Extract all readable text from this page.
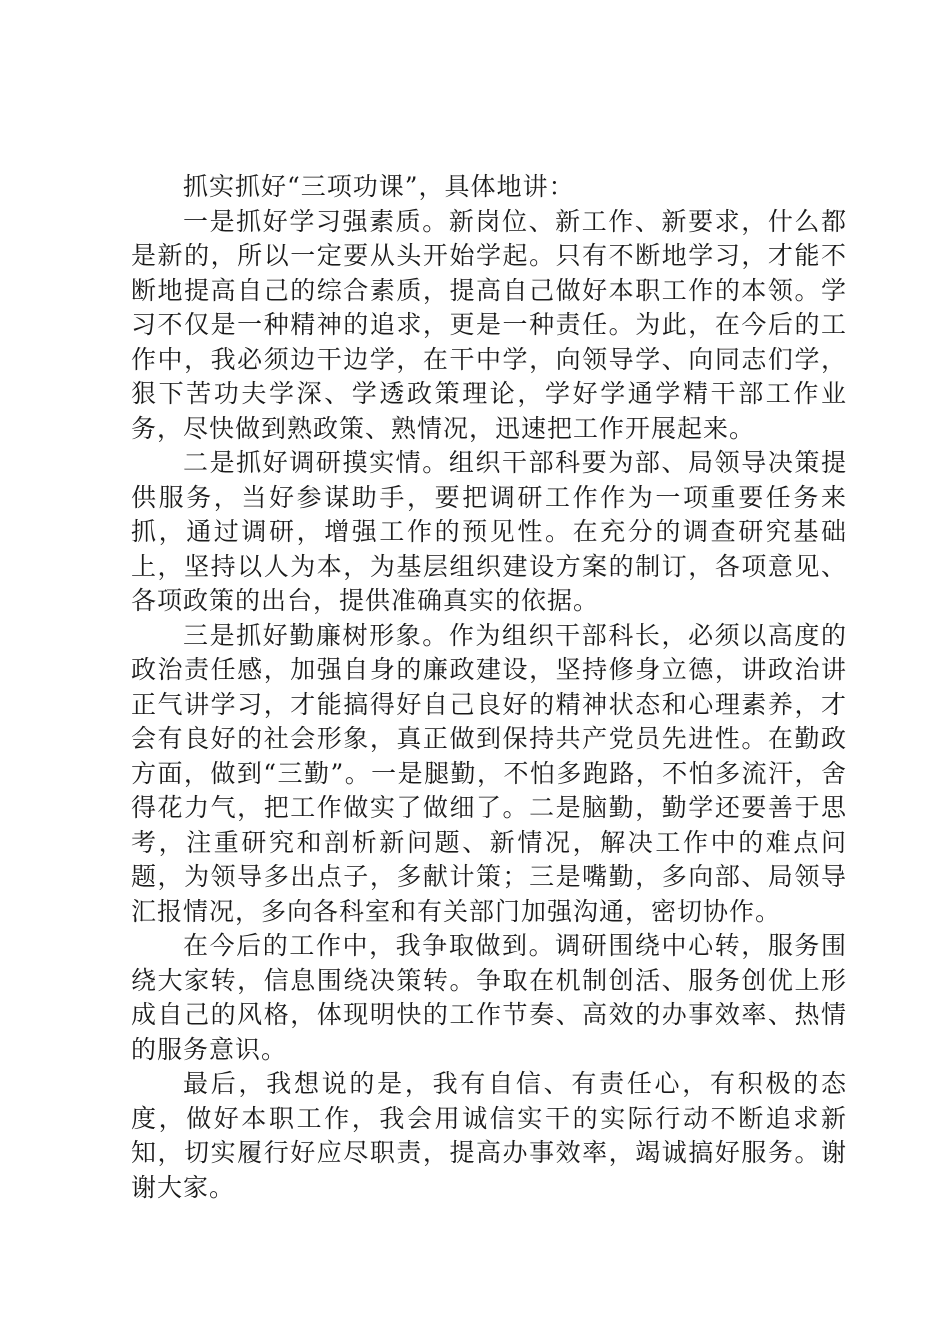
抓实抓好“三项功课”，具体地讲：

一是抓好学习强素质。新岗位、新工作、新要求，什么都是新的，所以一定要从头开始学起。只有不断地学习，才能不断地提高自己的综合素质，提高自己做好本职工作的本领。学习不仅是一种精神的追求，更是一种责任。为此，在今后的工作中，我必须边干边学，在干中学，向领导学、向同志们学，狠下苦功夫学深、学透政策理论，学好学通学精干部工作业务，尽快做到熟政策、熟情况，迅速把工作开展起来。

二是抓好调研摸实情。组织干部科要为部、局领导决策提供服务，当好参谋助手，要把调研工作作为一项重要任务来抓，通过调研，增强工作的预见性。在充分的调查研究基础上，坚持以人为本，为基层组织建设方案的制订，各项意见、各项政策的出台，提供准确真实的依据。

三是抓好勤廉树形象。作为组织干部科长，必须以高度的政治责任感，加强自身的廉政建设，坚持修身立德，讲政治讲正气讲学习，才能搞得好自己良好的精神状态和心理素养，才会有良好的社会形象，真正做到保持共产党员先进性。在勤政方面，做到“三勤”。一是腿勤，不怕多跑路，不怕多流汗，舍得花力气，把工作做实了做细了。二是脑勤，勤学还要善于思考，注重研究和剖析新问题、新情况，解决工作中的难点问题，为领导多出点子，多献计策；三是嘴勤，多向部、局领导汇报情况，多向各科室和有关部门加强沟通，密切协作。

在今后的工作中，我争取做到。调研围绕中心转，服务围绕大家转，信息围绕决策转。争取在机制创活、服务创优上形成自己的风格，体现明快的工作节奏、高效的办事效率、热情的服务意识。

最后，我想说的是，我有自信、有责任心，有积极的态度，做好本职工作，我会用诚信实干的实际行动不断追求新知，切实履行好应尽职责，提高办事效率，竭诚搞好服务。谢谢大家。
